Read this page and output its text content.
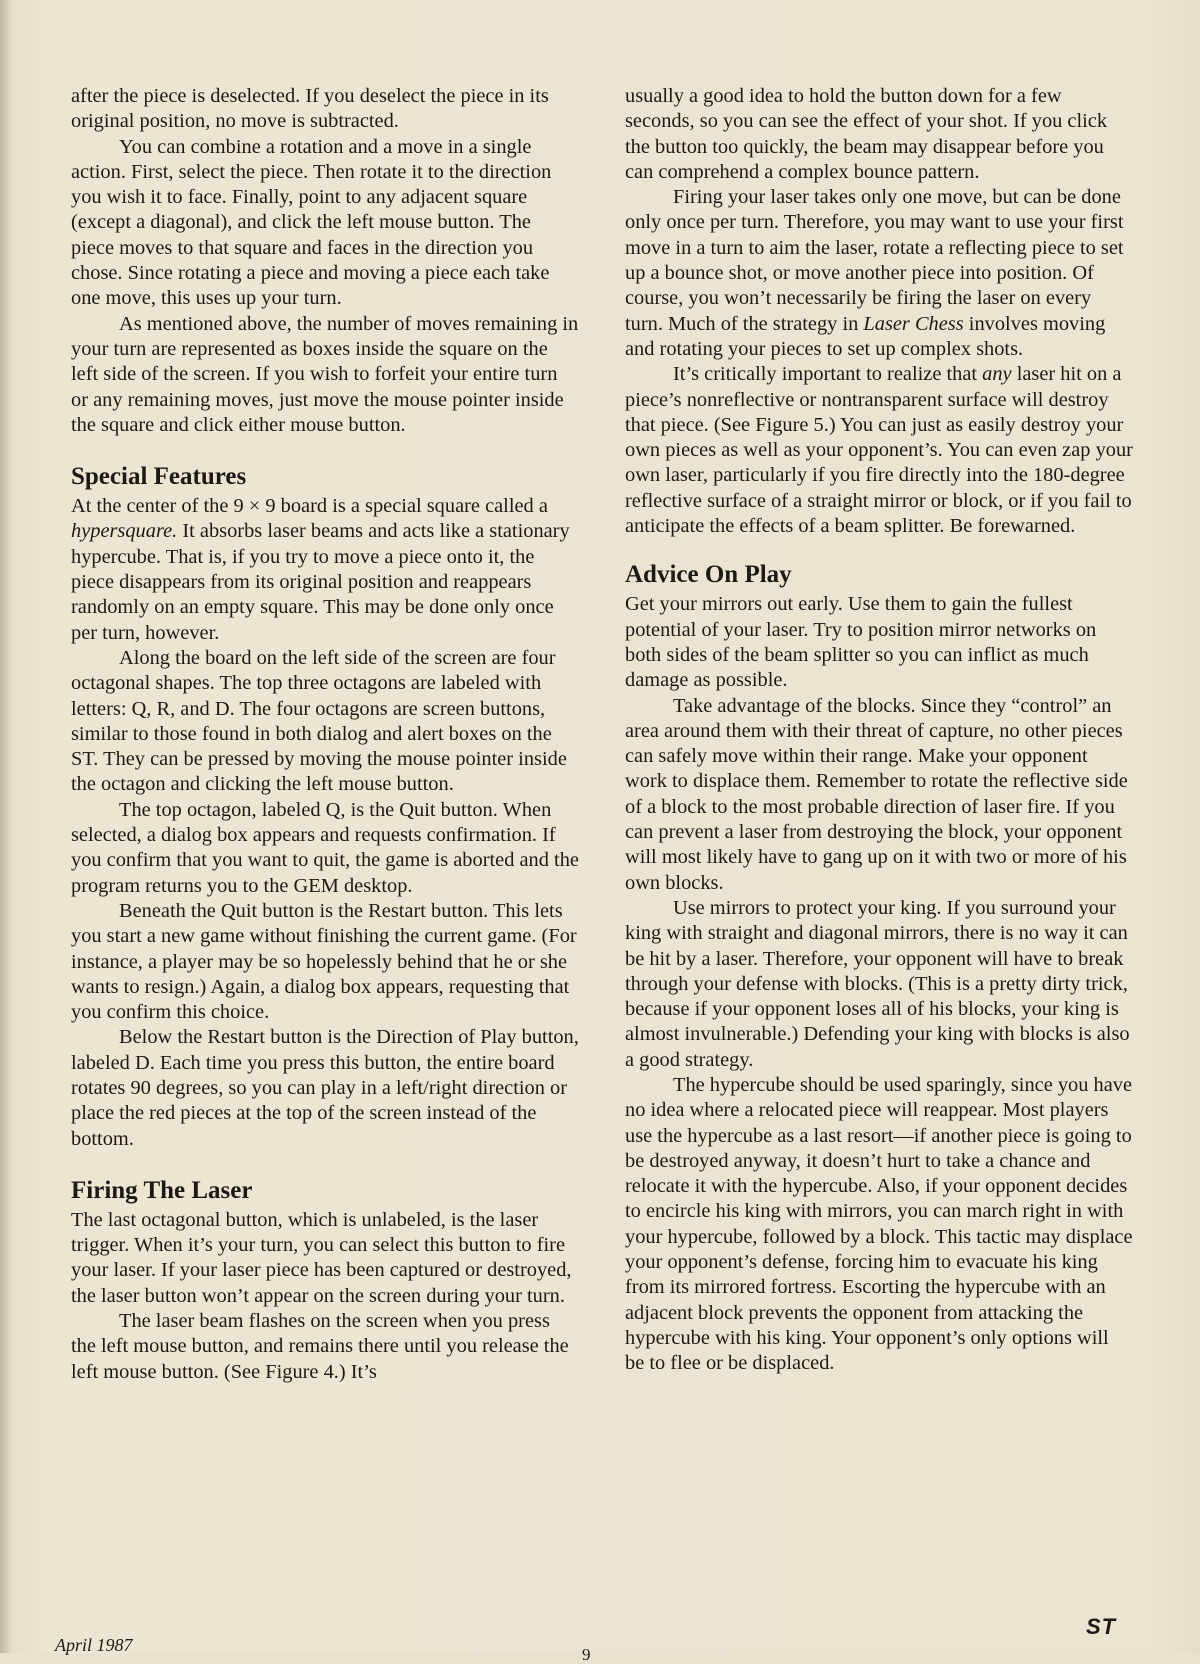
after the piece is deselected. If you deselect the piece in its original position, no move is subtracted.

You can combine a rotation and a move in a single action. First, select the piece. Then rotate it to the direction you wish it to face. Finally, point to any adjacent square (except a diagonal), and click the left mouse button. The piece moves to that square and faces in the direction you chose. Since rotating a piece and moving a piece each take one move, this uses up your turn.

As mentioned above, the number of moves remaining in your turn are represented as boxes inside the square on the left side of the screen. If you wish to forfeit your entire turn or any remaining moves, just move the mouse pointer inside the square and click either mouse button.

Special Features

At the center of the 9 × 9 board is a special square called a hypersquare. It absorbs laser beams and acts like a stationary hypercube. That is, if you try to move a piece onto it, the piece disappears from its original position and reappears randomly on an empty square. This may be done only once per turn, however.

Along the board on the left side of the screen are four octagonal shapes. The top three octagons are labeled with letters: Q, R, and D. The four octagons are screen buttons, similar to those found in both dialog and alert boxes on the ST. They can be pressed by moving the mouse pointer inside the octagon and clicking the left mouse button.

The top octagon, labeled Q, is the Quit button. When selected, a dialog box appears and requests confirmation. If you confirm that you want to quit, the game is aborted and the program returns you to the GEM desktop.

Beneath the Quit button is the Restart button. This lets you start a new game without finishing the current game. (For instance, a player may be so hopelessly behind that he or she wants to resign.) Again, a dialog box appears, requesting that you confirm this choice.

Below the Restart button is the Direction of Play button, labeled D. Each time you press this button, the entire board rotates 90 degrees, so you can play in a left/right direction or place the red pieces at the top of the screen instead of the bottom.

Firing The Laser

The last octagonal button, which is unlabeled, is the laser trigger. When it’s your turn, you can select this button to fire your laser. If your laser piece has been captured or destroyed, the laser button won’t appear on the screen during your turn.

The laser beam flashes on the screen when you press the left mouse button, and remains there until you release the left mouse button. (See Figure 4.) It’s

usually a good idea to hold the button down for a few seconds, so you can see the effect of your shot. If you click the button too quickly, the beam may disappear before you can comprehend a complex bounce pattern.

Firing your laser takes only one move, but can be done only once per turn. Therefore, you may want to use your first move in a turn to aim the laser, rotate a reflecting piece to set up a bounce shot, or move another piece into position. Of course, you won’t necessarily be firing the laser on every turn. Much of the strategy in Laser Chess involves moving and rotating your pieces to set up complex shots.

It’s critically important to realize that any laser hit on a piece’s nonreflective or nontransparent surface will destroy that piece. (See Figure 5.) You can just as easily destroy your own pieces as well as your opponent’s. You can even zap your own laser, particularly if you fire directly into the 180-degree reflective surface of a straight mirror or block, or if you fail to anticipate the effects of a beam splitter. Be forewarned.

Advice On Play

Get your mirrors out early. Use them to gain the fullest potential of your laser. Try to position mirror networks on both sides of the beam splitter so you can inflict as much damage as possible.

Take advantage of the blocks. Since they “control” an area around them with their threat of capture, no other pieces can safely move within their range. Make your opponent work to displace them. Remember to rotate the reflective side of a block to the most probable direction of laser fire. If you can prevent a laser from destroying the block, your opponent will most likely have to gang up on it with two or more of his own blocks.

Use mirrors to protect your king. If you surround your king with straight and diagonal mirrors, there is no way it can be hit by a laser. Therefore, your opponent will have to break through your defense with blocks. (This is a pretty dirty trick, because if your opponent loses all of his blocks, your king is almost invulnerable.) Defending your king with blocks is also a good strategy.

The hypercube should be used sparingly, since you have no idea where a relocated piece will reappear. Most players use the hypercube as a last resort—if another piece is going to be destroyed anyway, it doesn’t hurt to take a chance and relocate it with the hypercube. Also, if your opponent decides to encircle his king with mirrors, you can march right in with your hypercube, followed by a block. This tactic may displace your opponent’s defense, forcing him to evacuate his king from its mirrored fortress. Escorting the hypercube with an adjacent block prevents the opponent from attacking the hypercube with his king. Your opponent’s only options will be to flee or be displaced.

April 1987	9
ST
